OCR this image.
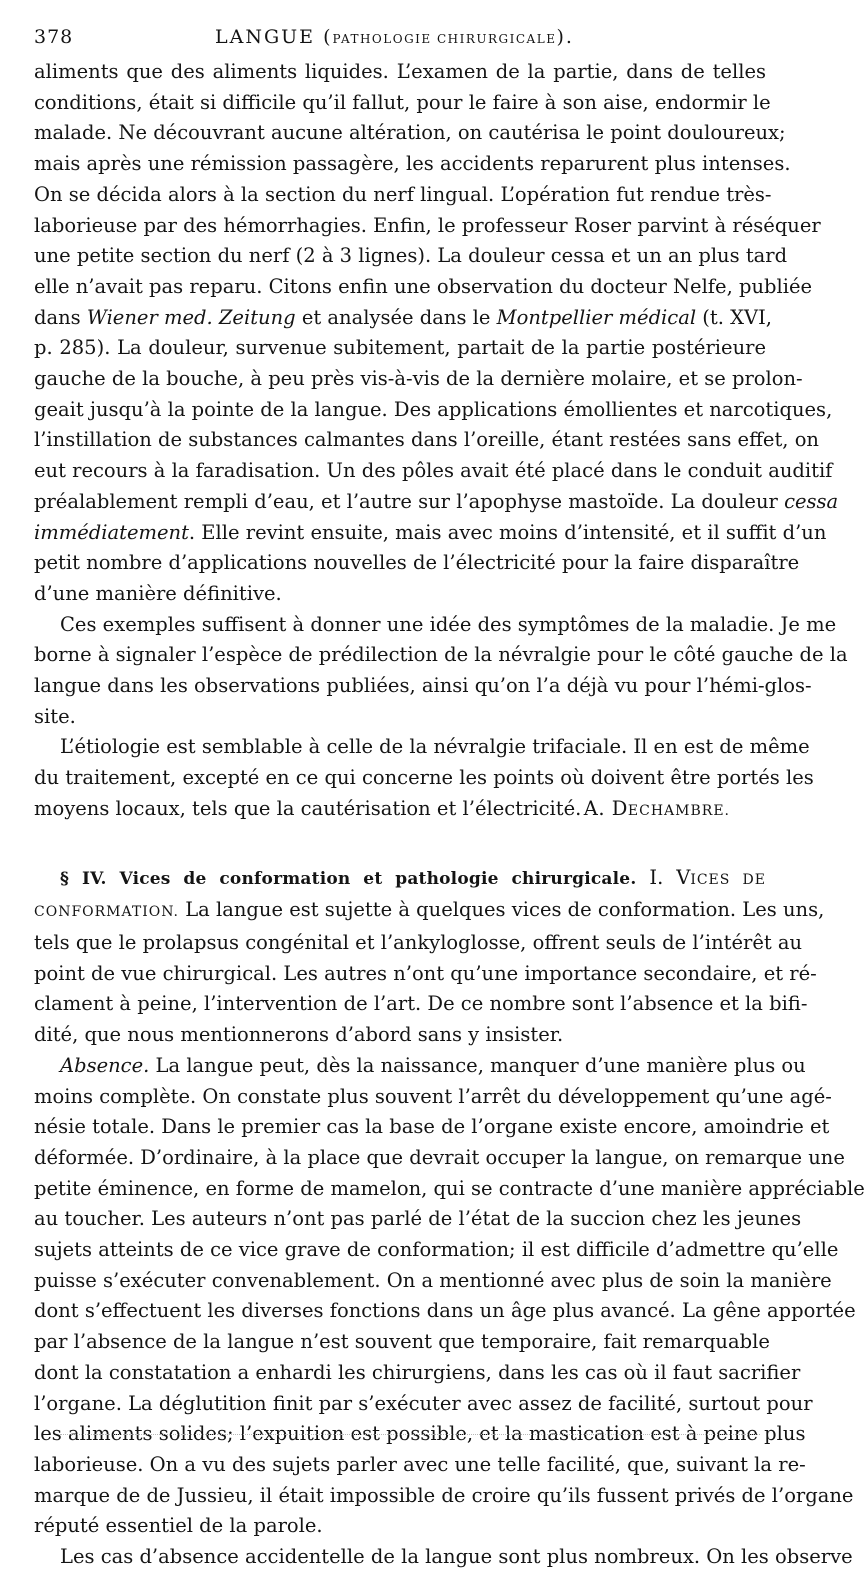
378	LANGUE (PATHOLOGIE CHIRURGICALE).
aliments que des aliments liquides. L’examen de la partie, dans de telles
conditions, était si difficile qu’il fallut, pour le faire à son aise, endormir le
malade. Ne découvrant aucune altération, on cautérisa le point douloureux;
mais après une rémission passagère, les accidents reparurent plus intenses.
On se décida alors à la section du nerf lingual. L’opération fut rendue très-
laborieuse par des hémorrhagies. Enfin, le professeur Roser parvint à réséquer
une petite section du nerf (2 à 3 lignes). La douleur cessa et un an plus tard
elle n’avait pas reparu. Citons enfin une observation du docteur Nelfe, publiée
dans Wiener med. Zeitung et analysée dans le Montpellier médical (t. XVI,
p. 285). La douleur, survenue subitement, partait de la partie postérieure
gauche de la bouche, à peu près vis-à-vis de la dernière molaire, et se prolon-
geait jusqu’à la pointe de la langue. Des applications émollientes et narcotiques,
l’instillation de substances calmantes dans l’oreille, étant restées sans effet, on
eut recours à la faradisation. Un des pôles avait été placé dans le conduit auditif
préalablement rempli d’eau, et l’autre sur l’apophyse mastoïde. La douleur cessa
immédiatement. Elle revint ensuite, mais avec moins d’intensité, et il suffit d’un
petit nombre d’applications nouvelles de l’électricité pour la faire disparaître
d’une manière définitive.
Ces exemples suffisent à donner une idée des symptômes de la maladie. Je me
borne à signaler l’espèce de prédilection de la névralgie pour le côté gauche de la
langue dans les observations publiées, ainsi qu’on l’a déjà vu pour l’hémi-glos-
site.
L’étiologie est semblable à celle de la névralgie trifaciale. Il en est de même
du traitement, excepté en ce qui concerne les points où doivent être portés les
moyens locaux, tels que la cautérisation et l’électricité. A. DECHAMBRE.
§ IV. Vices de conformation et pathologie chirurgicale. I. VICES DE
CONFORMATION. La langue est sujette à quelques vices de conformation. Les uns,
tels que le prolapsus congénital et l’ankyloglosse, offrent seuls de l’intérêt au
point de vue chirurgical. Les autres n’ont qu’une importance secondaire, et ré-
clament à peine, l’intervention de l’art. De ce nombre sont l’absence et la bifi-
dité, que nous mentionnerons d’abord sans y insister.
Absence. La langue peut, dès la naissance, manquer d’une manière plus ou
moins complète. On constate plus souvent l’arrêt du développement qu’une agé-
nésie totale. Dans le premier cas la base de l’organe existe encore, amoindrie et
déformée. D’ordinaire, à la place que devrait occuper la langue, on remarque une
petite éminence, en forme de mamelon, qui se contracte d’une manière appréciable
au toucher. Les auteurs n’ont pas parlé de l’état de la succion chez les jeunes
sujets atteints de ce vice grave de conformation; il est difficile d’admettre qu’elle
puisse s’exécuter convenablement. On a mentionné avec plus de soin la manière
dont s’effectuent les diverses fonctions dans un âge plus avancé. La gêne apportée
par l’absence de la langue n’est souvent que temporaire, fait remarquable
dont la constatation a enhardi les chirurgiens, dans les cas où il faut sacrifier
l’organe. La déglutition finit par s’exécuter avec assez de facilité, surtout pour
les aliments solides; l’expuition est possible, et la mastication est à peine plus
laborieuse. On a vu des sujets parler avec une telle facilité, que, suivant la re-
marque de de Jussieu, il était impossible de croire qu’ils fussent privés de l’organe
réputé essentiel de la parole.
Les cas d’absence accidentelle de la langue sont plus nombreux. On les observe
